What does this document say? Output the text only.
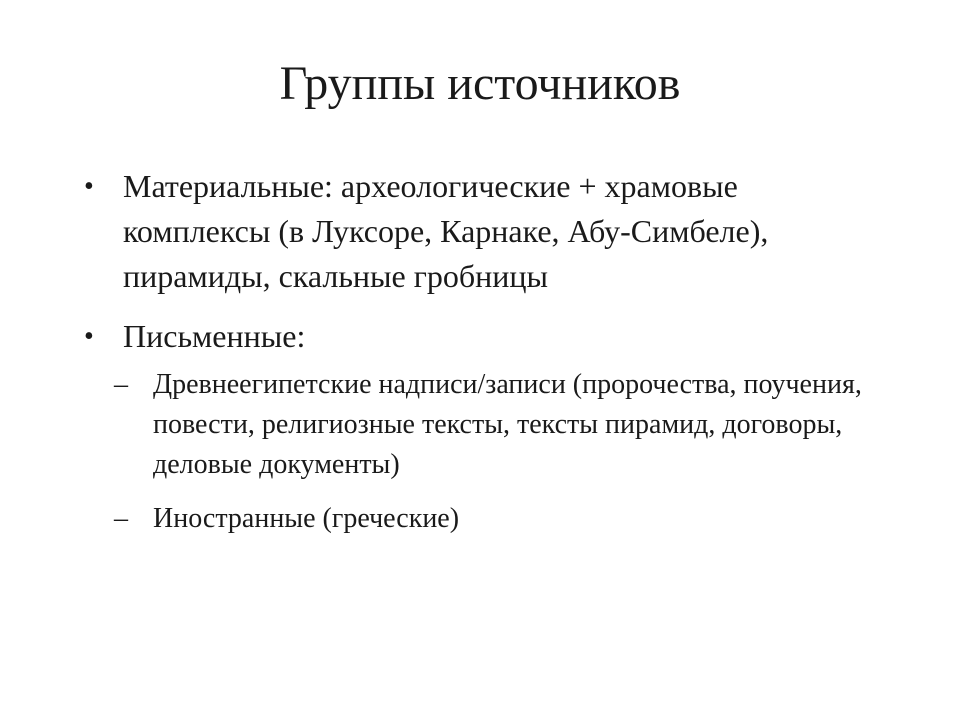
Группы источников
• Материальные: археологические + храмовые комплексы (в Луксоре, Карнаке, Абу-Симбеле), пирамиды, скальные гробницы
• Письменные:
– Древнеегипетские надписи/записи (пророчества, поучения, повести, религиозные тексты, тексты пирамид, договоры, деловые документы)
– Иностранные (греческие)
